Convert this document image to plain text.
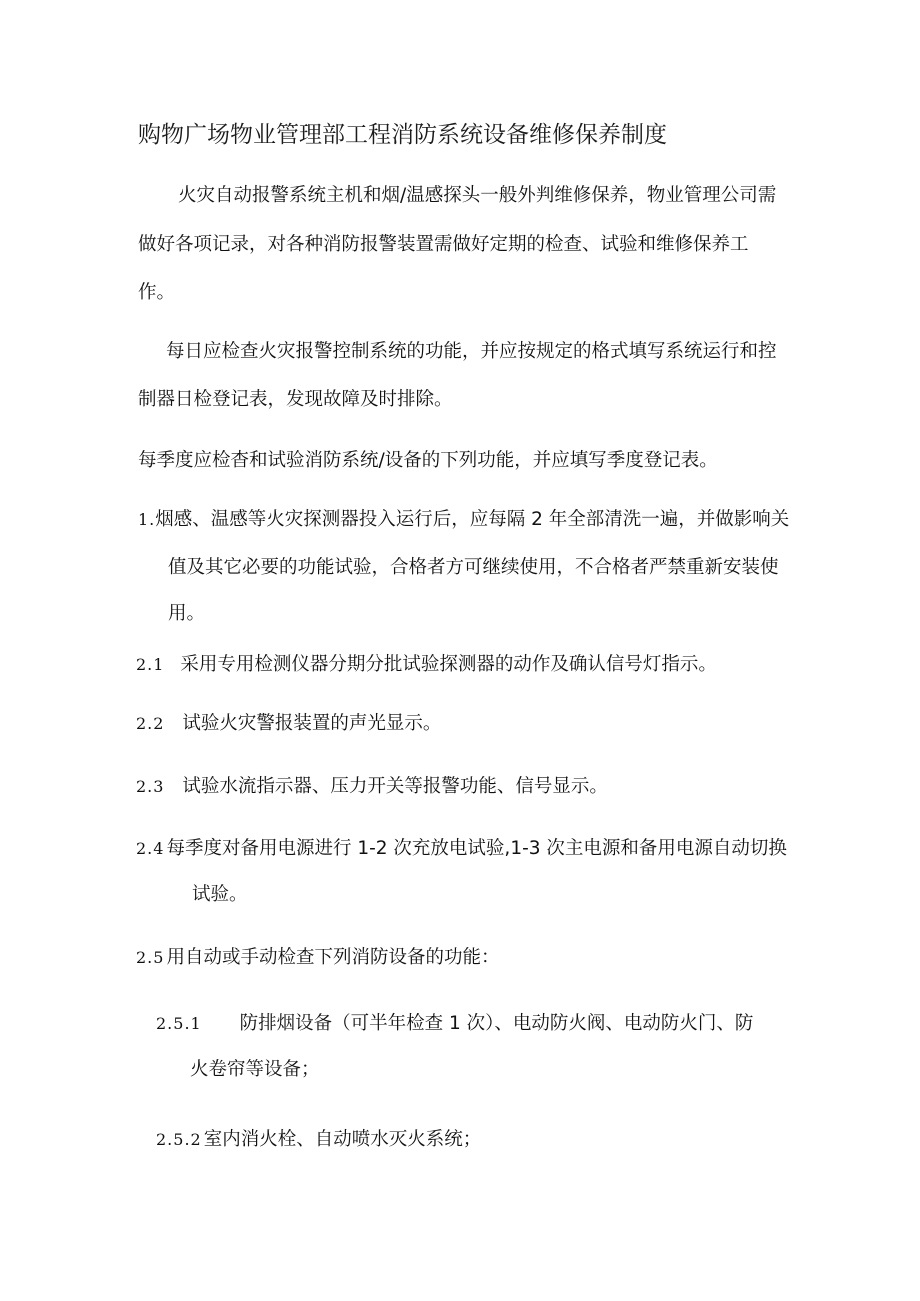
购物广场物业管理部工程消防系统设备维修保养制度
火灾自动报警系统主机和烟/温感探头一般外判维修保养，物业管理公司需
做好各项记录，对各种消防报警装置需做好定期的检查、试验和维修保养工
作。
每日应检查火灾报警控制系统的功能，并应按规定的格式填写系统运行和控
制器日检登记表，发现故障及时排除。
每季度应检杳和试验消防系统/设备的下列功能，并应填写季度登记表。
1.烟感、温感等火灾探测器投入运行后，应每隔 2 年全部清洗一遍，并做影响关
值及其它必要的功能试验，合格者方可继续使用，不合格者严禁重新安装使
用。
2.1 采用专用检测仪器分期分批试验探测器的动作及确认信号灯指示。
2.2 试验火灾警报装置的声光显示。
2.3 试验水流指示器、压力开关等报警功能、信号显示。
2.4 每季度对备用电源进行 1-2 次充放电试验,1-3 次主电源和备用电源自动切换
试验。
2.5 用自动或手动检查下列消防设备的功能：
2.5.1 防排烟设备（可半年检查 1 次）、电动防火阀、电动防火门、防
火卷帘等设备；
2.5.2 室内消火栓、自动喷水灭火系统；
